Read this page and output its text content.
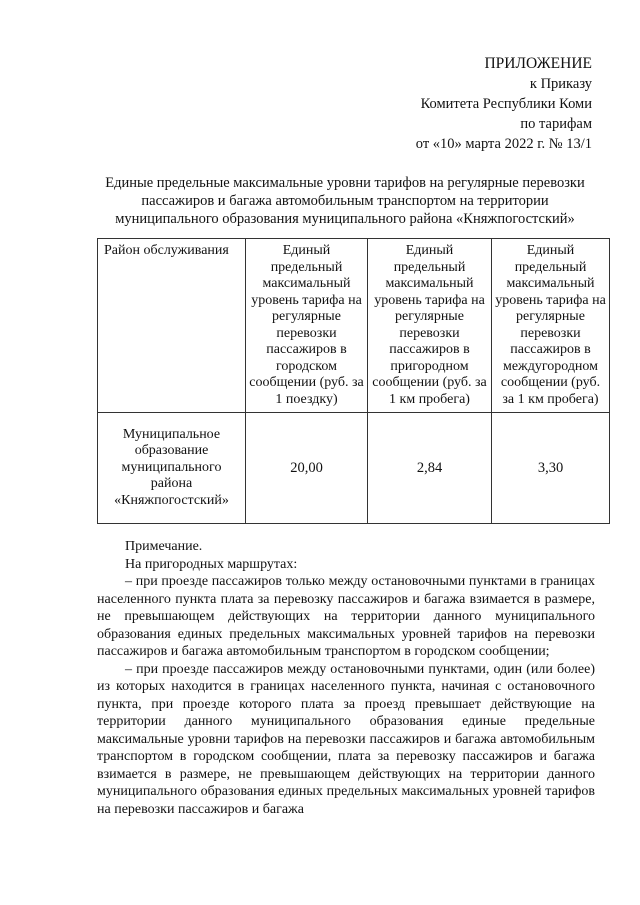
ПРИЛОЖЕНИЕ
к Приказу
Комитета Республики Коми
по тарифам
от «10» марта 2022 г. № 13/1
Единые предельные максимальные уровни тарифов на регулярные перевозки пассажиров и багажа автомобильным транспортом на территории муниципального образования муниципального района «Княжпогостский»
Район обслуживания	Единый предельный максимальный уровень тарифа на регулярные перевозки пассажиров в городском сообщении (руб. за 1 поездку)	Единый предельный максимальный уровень тарифа на регулярные перевозки пассажиров в пригородном сообщении (руб. за 1 км пробега)	Единый предельный максимальный уровень тарифа на регулярные перевозки пассажиров в междугородном сообщении (руб. за 1 км пробега)
Муниципальное образование муниципального района «Княжпогостский»	20,00	2,84	3,30

Примечание.

На пригородных маршрутах:

– при проезде пассажиров только между остановочными пунктами в границах населенного пункта плата за перевозку пассажиров и багажа взимается в размере, не превышающем действующих на территории данного муниципального образования единых предельных максимальных уровней тарифов на перевозки пассажиров и багажа автомобильным транспортом в городском сообщении;

– при проезде пассажиров между остановочными пунктами, один (или более) из которых находится в границах населенного пункта, начиная с остановочного пункта, при проезде которого плата за проезд превышает действующие на территории данного муниципального образования единые предельные максимальные уровни тарифов на перевозки пассажиров и багажа автомобильным транспортом в городском сообщении, плата за перевозку пассажиров и багажа взимается в размере, не превышающем действующих на территории данного муниципального образования единых предельных максимальных уровней тарифов на перевозки пассажиров и багажа
